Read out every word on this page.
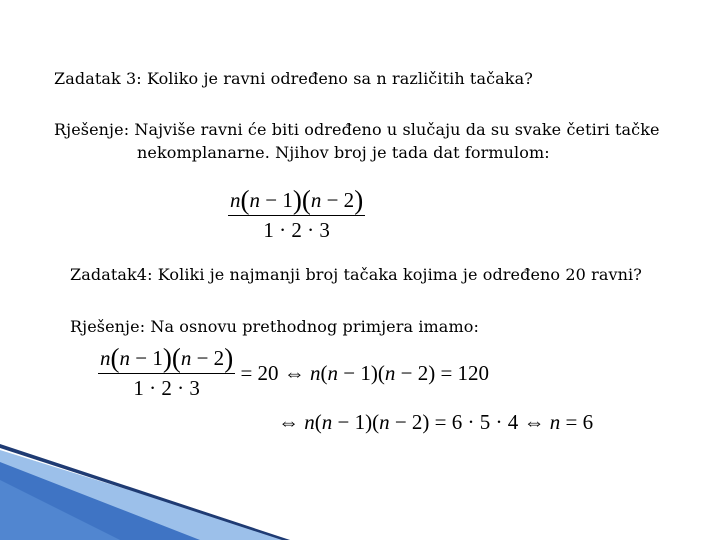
Zadatak 3: Koliko je ravni određeno sa n različitih tačaka?
Rješenje: Najviše ravni će biti određeno u slučaju da su svake četiri tačke
nekomplanarne. Njihov broj je tada dat formulom:
$\frac{n(n - 1)(n - 2)}{1 \cdot 2 \cdot 3}$
Zadatak4: Koliki je najmanji broj tačaka kojima je određeno 20 ravni?
Rješenje: Na osnovu prethodnog primjera imamo:
$\frac{n(n - 1)(n - 2)}{1 \cdot 2 \cdot 3} = 20$ ⇔ n(n − 1)(n − 2) = 120
⇔ n(n − 1)(n − 2) = 6 · 5 · 4 ⇔ n = 6
